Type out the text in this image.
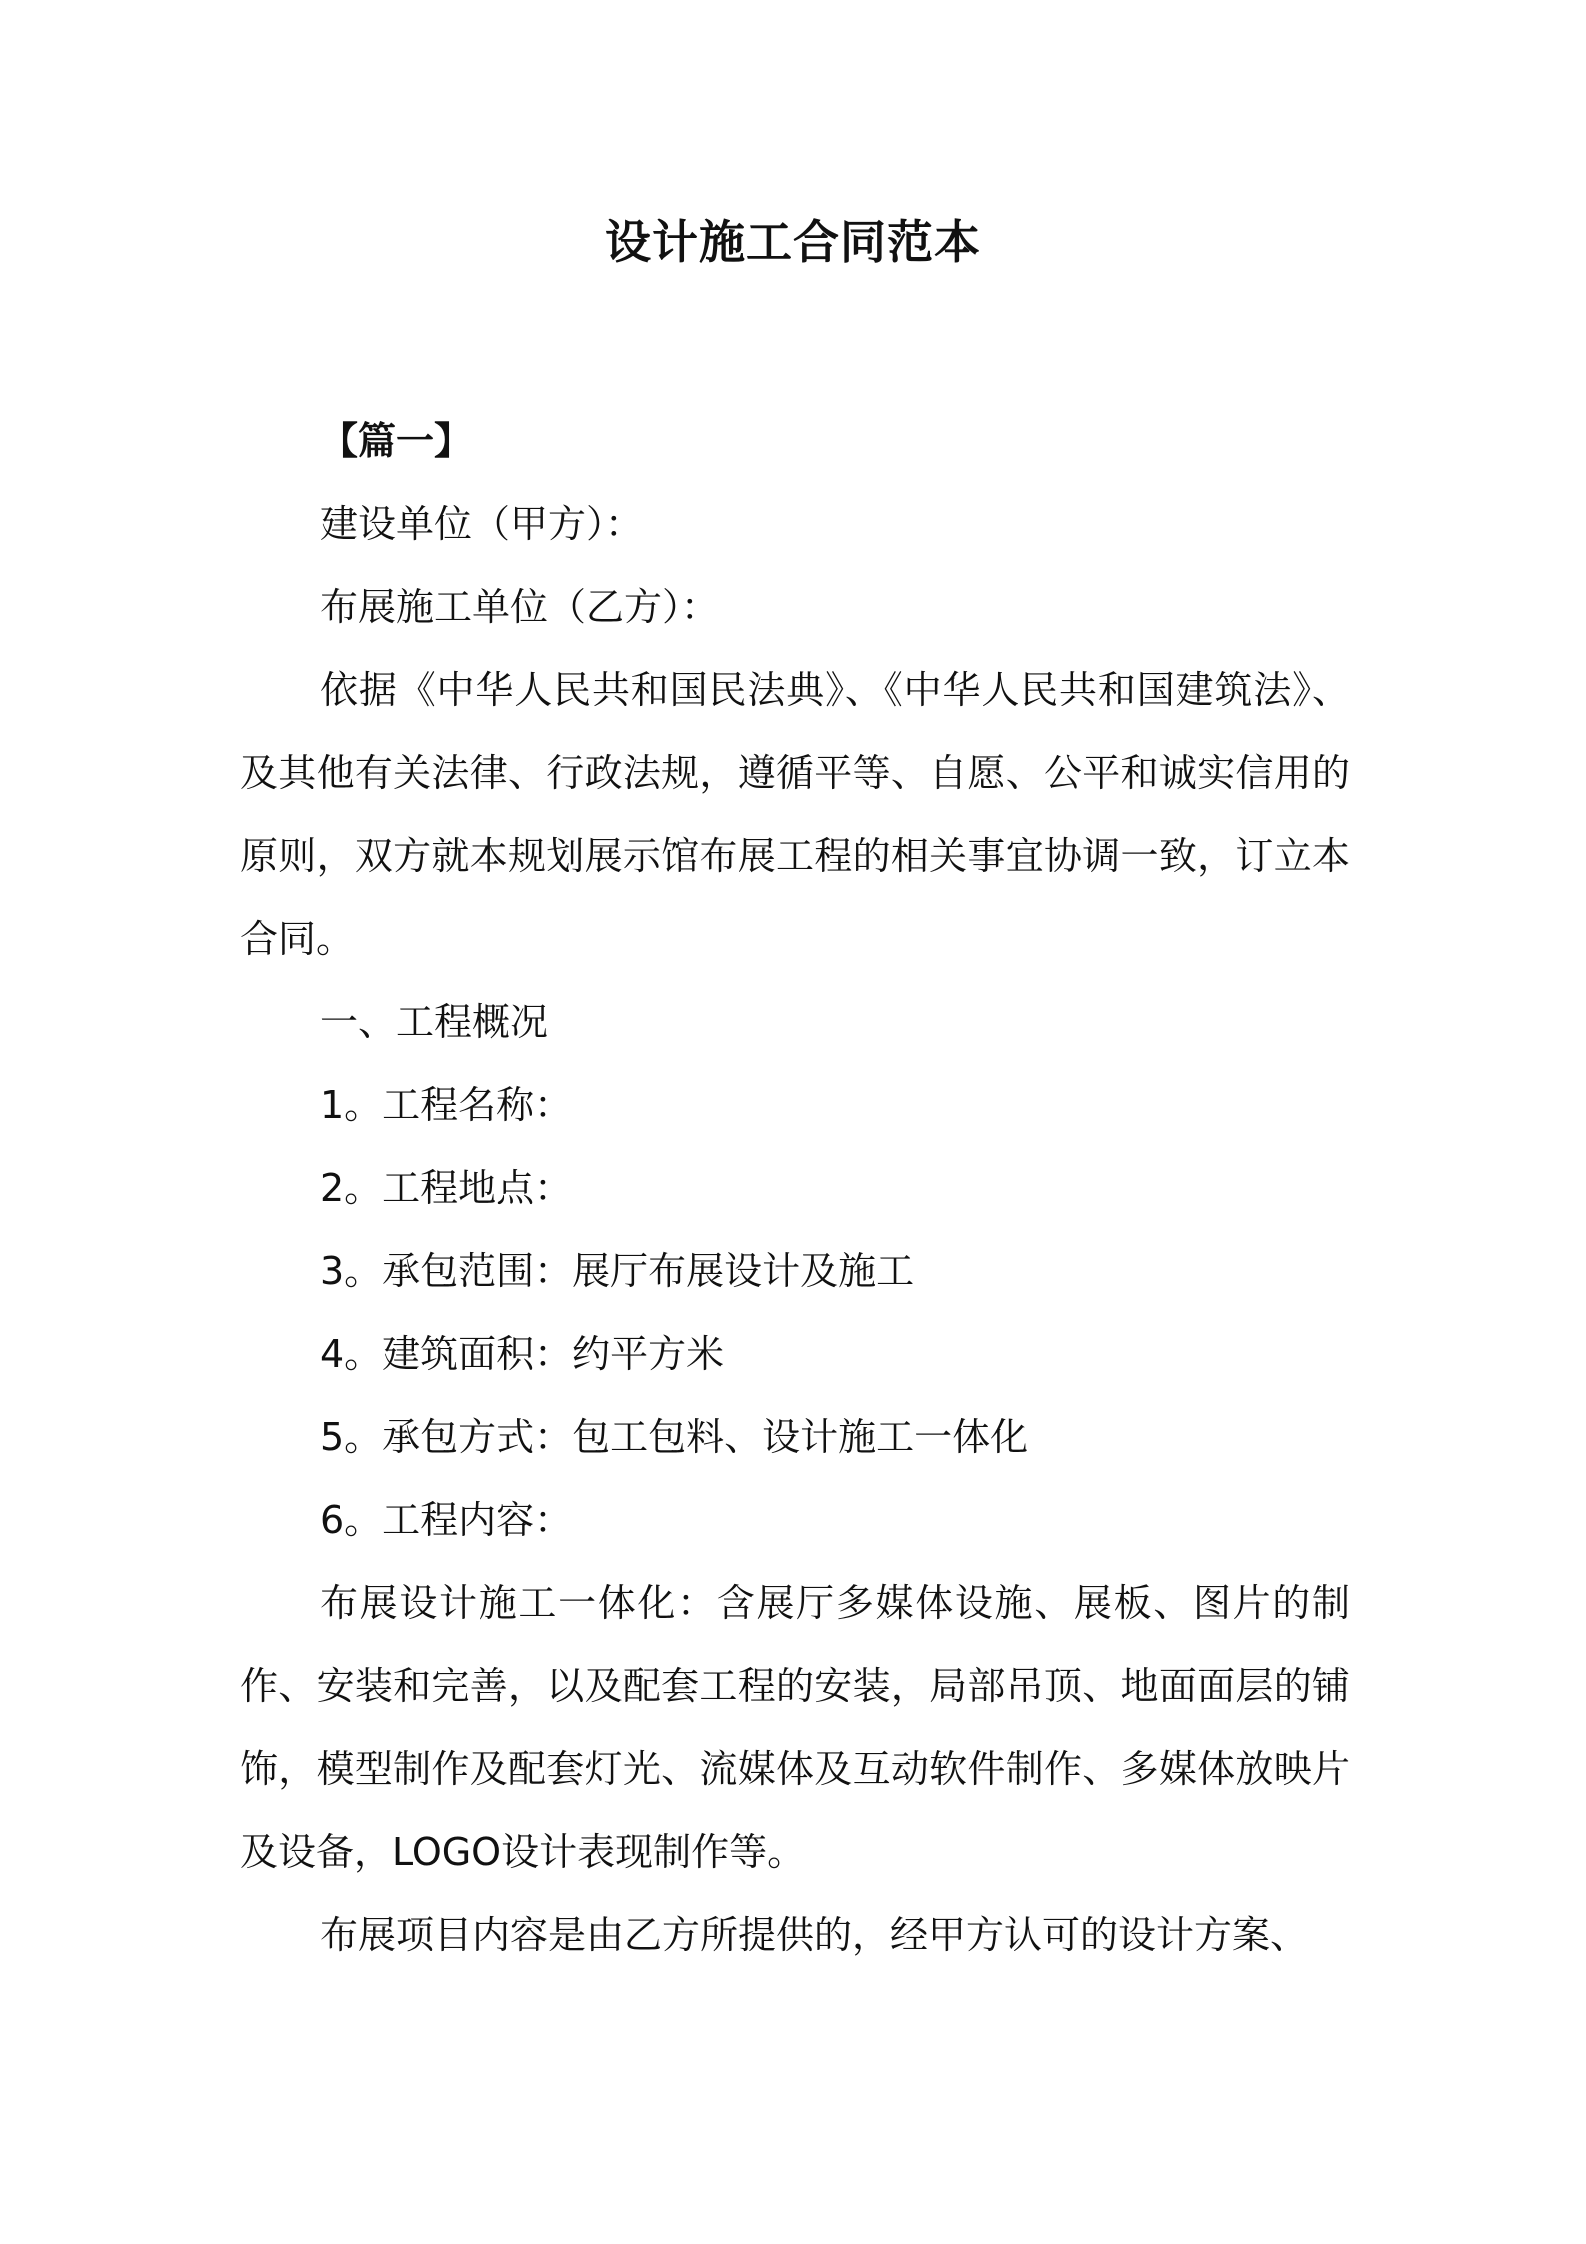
设计施工合同范本

【篇一】

建设单位（甲方）：

布展施工单位（乙方）：

依据《中华人民共和国民法典》、《中华人民共和国建筑法》、及其他有关法律、行政法规，遵循平等、自愿、公平和诚实信用的原则，双方就本规划展示馆布展工程的相关事宜协调一致，订立本合同。

一、工程概况

1。工程名称：

2。工程地点：

3。承包范围：展厅布展设计及施工

4。建筑面积：约平方米

5。承包方式：包工包料、设计施工一体化

6。工程内容：

布展设计施工一体化：含展厅多媒体设施、展板、图片的制作、安装和完善，以及配套工程的安装，局部吊顶、地面面层的铺饰，模型制作及配套灯光、流媒体及互动软件制作、多媒体放映片及设备，LOGO设计表现制作等。

布展项目内容是由乙方所提供的，经甲方认可的设计方案、
